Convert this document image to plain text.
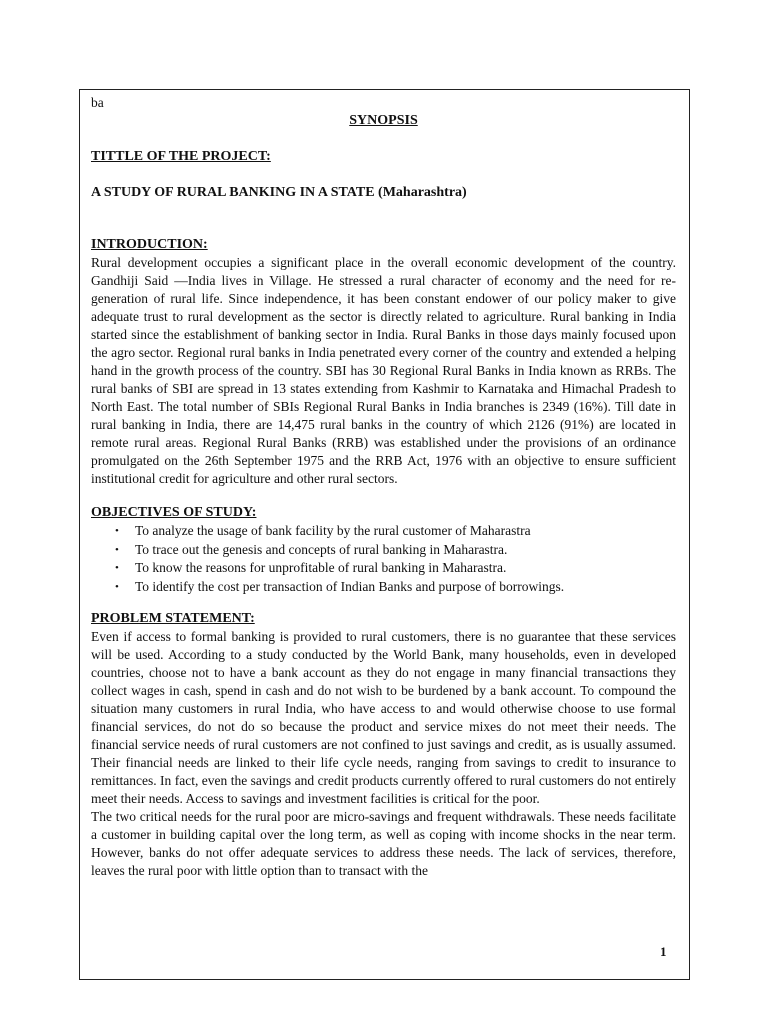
ba
SYNOPSIS
TITTLE OF THE PROJECT:
A STUDY OF RURAL BANKING IN A STATE (Maharashtra)
INTRODUCTION:

Rural development occupies a significant place in the overall economic development of the country. Gandhiji Said —India lives in Village. He stressed a rural character of economy and the need for re-generation of rural life. Since independence, it has been constant endower of our policy maker to give adequate trust to rural development as the sector is directly related to agriculture. Rural banking in India started since the establishment of banking sector in India. Rural Banks in those days mainly focused upon the agro sector. Regional rural banks in India penetrated every corner of the country and extended a helping hand in the growth process of the country. SBI has 30 Regional Rural Banks in India known as RRBs. The rural banks of SBI are spread in 13 states extending from Kashmir to Karnataka and Himachal Pradesh to North East. The total number of SBIs Regional Rural Banks in India branches is 2349 (16%). Till date in rural banking in India, there are 14,475 rural banks in the country of which 2126 (91%) are located in remote rural areas. Regional Rural Banks (RRB) was established under the provisions of an ordinance promulgated on the 26th September 1975 and the RRB Act, 1976 with an objective to ensure sufficient institutional credit for agriculture and other rural sectors.

OBJECTIVES OF STUDY:
• To analyze the usage of bank facility by the rural customer of Maharastra
• To trace out the genesis and concepts of rural banking in Maharastra.
• To know the reasons for unprofitable of rural banking in Maharastra.
• To identify the cost per transaction of Indian Banks and purpose of borrowings.
PROBLEM STATEMENT:

Even if access to formal banking is provided to rural customers, there is no guarantee that these services will be used. According to a study conducted by the World Bank, many households, even in developed countries, choose not to have a bank account as they do not engage in many financial transactions they collect wages in cash, spend in cash and do not wish to be burdened by a bank account. To compound the situation many customers in rural India, who have access to and would otherwise choose to use formal financial services, do not do so because the product and service mixes do not meet their needs. The financial service needs of rural customers are not confined to just savings and credit, as is usually assumed. Their financial needs are linked to their life cycle needs, ranging from savings to credit to insurance to remittances. In fact, even the savings and credit products currently offered to rural customers do not entirely meet their needs. Access to savings and investment facilities is critical for the poor.

The two critical needs for the rural poor are micro-savings and frequent withdrawals. These needs facilitate a customer in building capital over the long term, as well as coping with income shocks in the near term. However, banks do not offer adequate services to address these needs. The lack of services, therefore, leaves the rural poor with little option than to transact with the

1
